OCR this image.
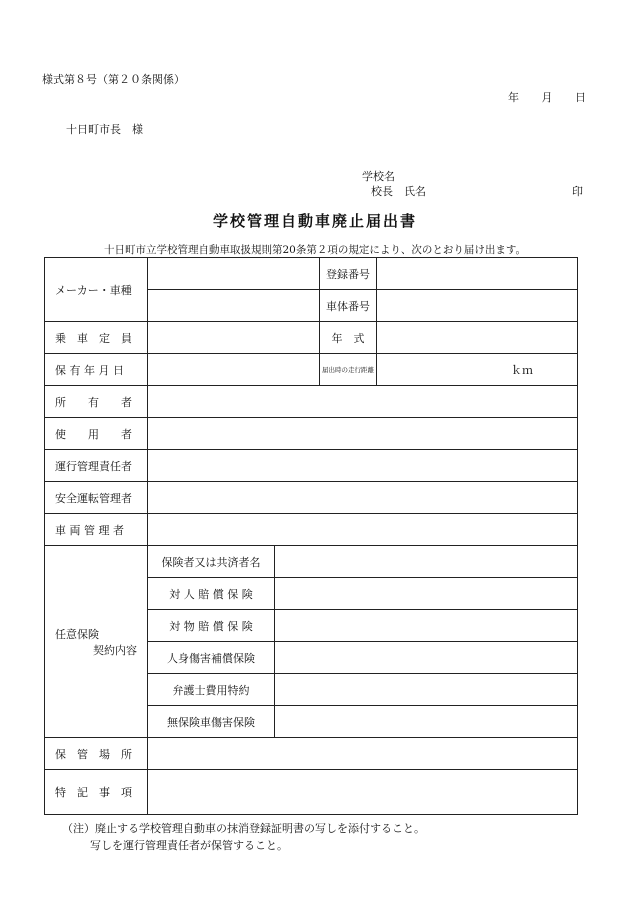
様式第８号（第２０条関係）
年 月 日
十日町市長　様
学校名
校長　氏名	印
学校管理自動車廃止届出書
十日町市立学校管理自動車取扱規則第20条第２項の規定により、次のとおり届け出ます。
メーカー・車種			登録番号	
			車体番号	
乗　車　定　員			年　式	
保 有 年 月 日			届出時の走行距離	ｋｍ
所　　有　　者				
使　　用　　者				
運行管理責任者				
安全運転管理者				
車 両 管 理 者				

任意保険
契約内容	保険者又は共済者名			
	対 人 賠 償 保 険			
	対 物 賠 償 保 険			
	人身傷害補償保険			
	弁護士費用特約			
	無保険車傷害保険			
保　管　場　所				
特　記　事　項				
（注）廃止する学校管理自動車の抹消登録証明書の写しを添付すること。
写しを運行管理責任者が保管すること。
